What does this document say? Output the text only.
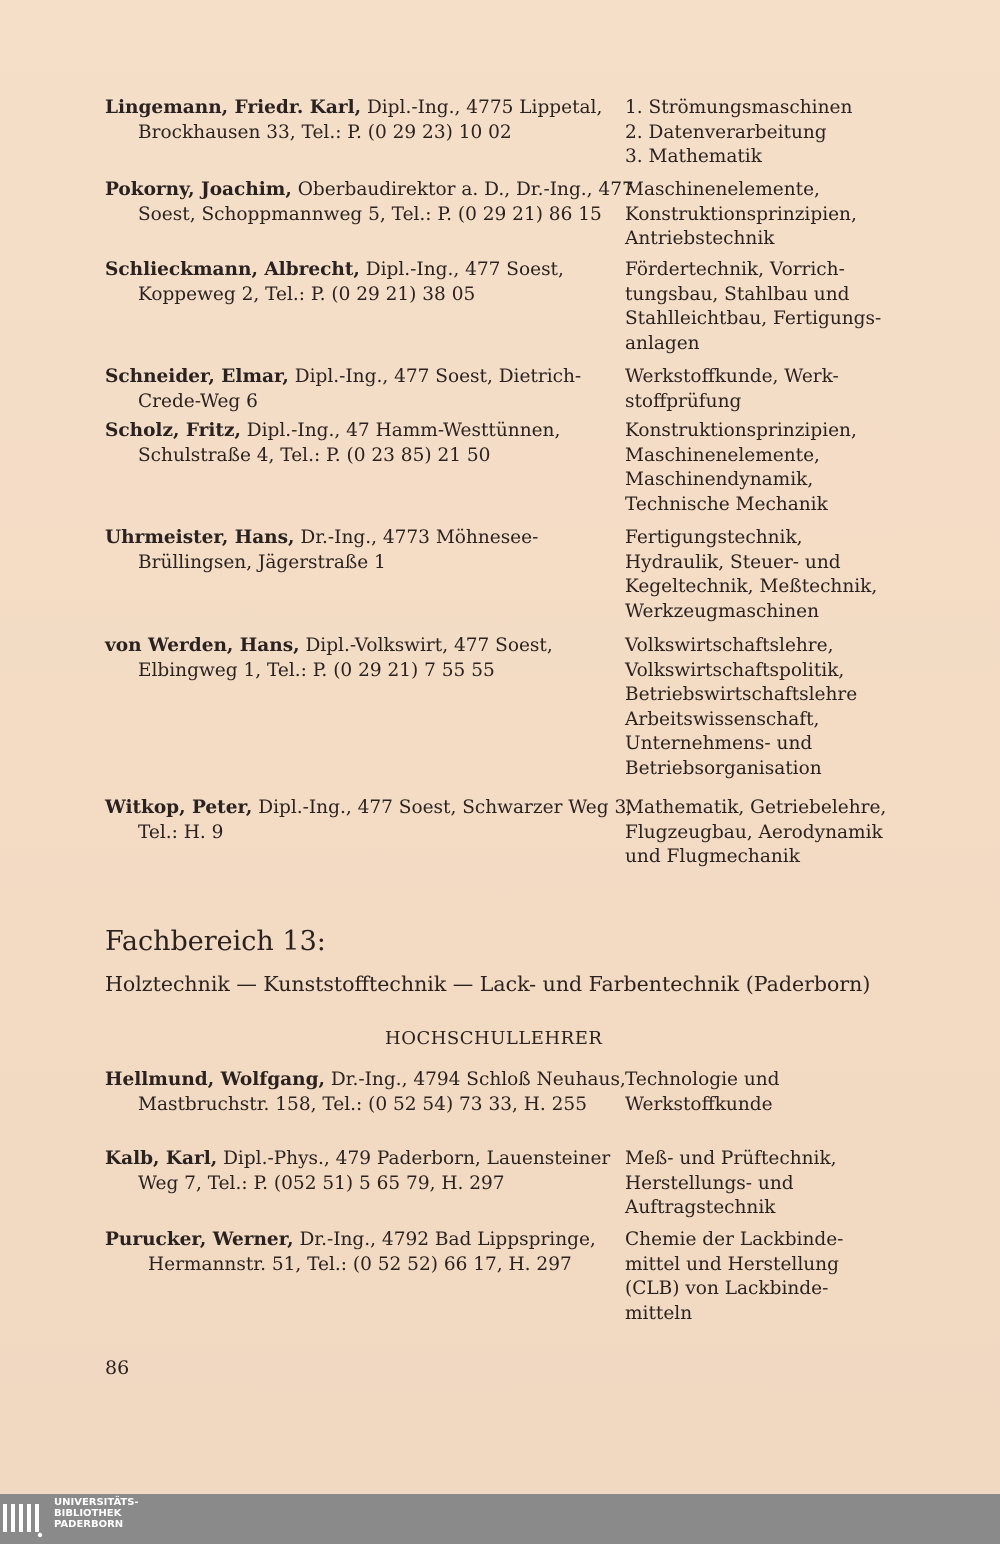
Lingemann, Friedr. Karl, Dipl.-Ing., 4775 Lippetal, Brockhausen 33, Tel.: P. (0 29 23) 10 02
1. Strömungsmaschinen
2. Datenverarbeitung
3. Mathematik
Pokorny, Joachim, Oberbaudirektor a. D., Dr.-Ing., 477 Soest, Schoppmannweg 5, Tel.: P. (0 29 21) 86 15
Maschinenelemente,
Konstruktionsprinzipien,
Antriebstechnik
Schlieckmann, Albrecht, Dipl.-Ing., 477 Soest, Koppeweg 2, Tel.: P. (0 29 21) 38 05
Fördertechnik, Vorrich-
tungsbau, Stahlbau und
Stahlleichtbau, Fertigungs-
anlagen
Schneider, Elmar, Dipl.-Ing., 477 Soest, Dietrich-Crede-Weg 6
Werkstoffkunde, Werk-
stoffprüfung
Scholz, Fritz, Dipl.-Ing., 47 Hamm-Westtünnen, Schulstraße 4, Tel.: P. (0 23 85) 21 50
Konstruktionsprinzipien,
Maschinenelemente,
Maschinendynamik,
Technische Mechanik
Uhrmeister, Hans, Dr.-Ing., 4773 Möhnesee-Brüllingsen, Jägerstraße 1
Fertigungstechnik,
Hydraulik, Steuer- und
Kegeltechnik, Meßtechnik,
Werkzeugmaschinen
von Werden, Hans, Dipl.-Volkswirt, 477 Soest, Elbingweg 1, Tel.: P. (0 29 21) 7 55 55
Volkswirtschaftslehre,
Volkswirtschaftspolitik,
Betriebswirtschaftslehre
Arbeitswissenschaft,
Unternehmens- und
Betriebsorganisation
Witkop, Peter, Dipl.-Ing., 477 Soest, Schwarzer Weg 3, Tel.: H. 9
Mathematik, Getriebelehre,
Flugzeugbau, Aerodynamik
und Flugmechanik
Fachbereich 13:
Holztechnik — Kunststofftechnik — Lack- und Farbentechnik (Paderborn)
HOCHSCHULLEHRER
Hellmund, Wolfgang, Dr.-Ing., 4794 Schloß Neuhaus, Mastbruchstr. 158, Tel.: (0 52 54) 73 33, H. 255
Technologie und
Werkstoffkunde
Kalb, Karl, Dipl.-Phys., 479 Paderborn, Lauensteiner Weg 7, Tel.: P. (052 51) 5 65 79, H. 297
Meß- und Prüftechnik,
Herstellungs- und
Auftragstechnik
Purucker, Werner, Dr.-Ing., 4792 Bad Lippspringe, Hermannstr. 51, Tel.: (0 52 52) 66 17, H. 297
Chemie der Lackbinde-
mittel und Herstellung
(CLB) von Lackbinde-
mitteln
86
UNIVERSITÄTS-
BIBLIOTHEK
PADERBORN
